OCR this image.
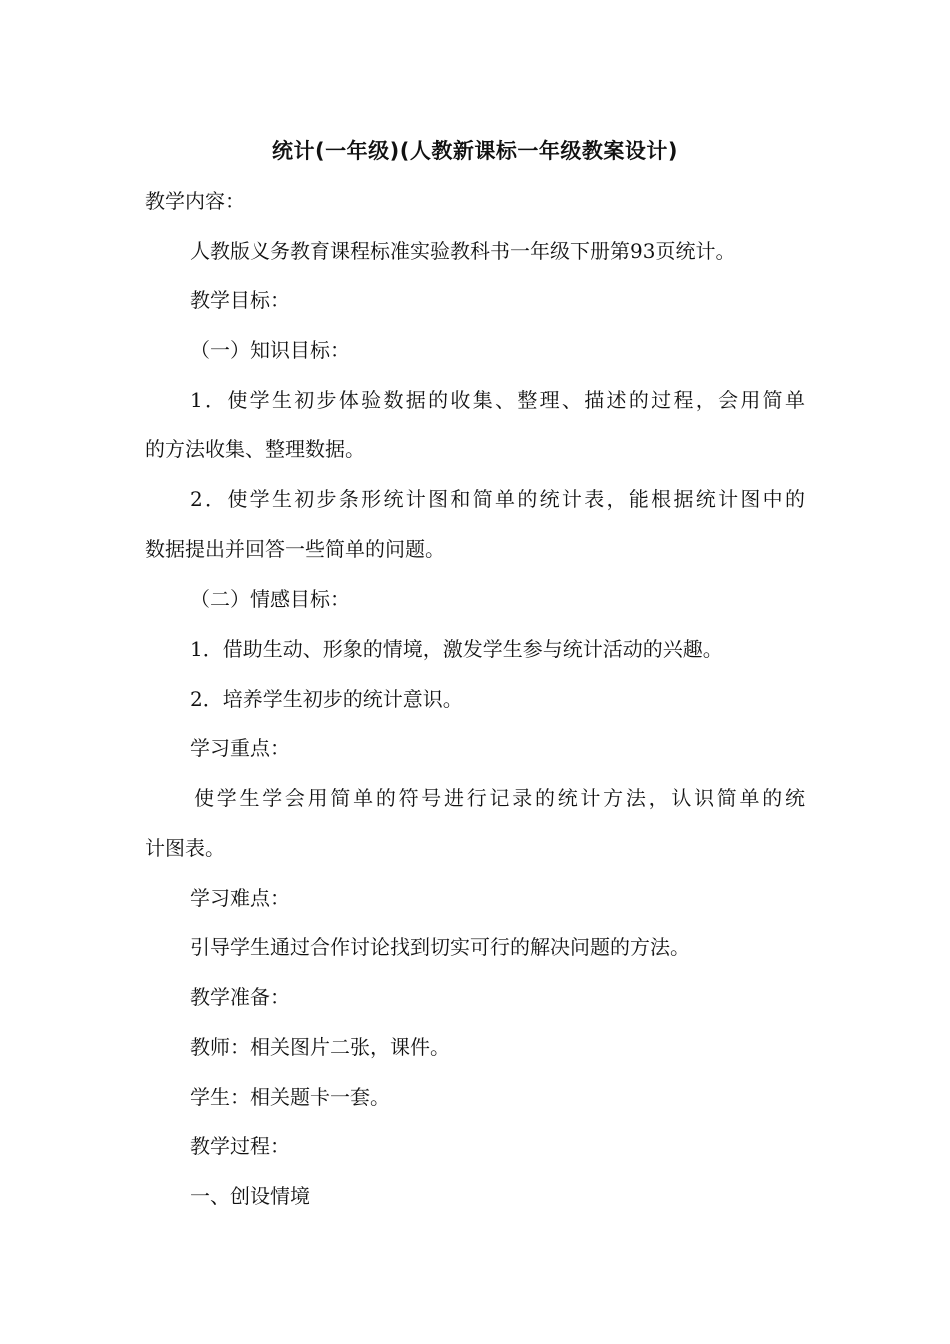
统计(一年级)(人教新课标一年级教案设计)
教学内容：
人教版义务教育课程标准实验教科书一年级下册第93页统计。
教学目标：
（一）知识目标：
1．使学生初步体验数据的收集、整理、描述的过程，会用简单
的方法收集、整理数据。
2．使学生初步条形统计图和简单的统计表，能根据统计图中的
数据提出并回答一些简单的问题。
（二）情感目标：
1．借助生动、形象的情境，激发学生参与统计活动的兴趣。
2．培养学生初步的统计意识。
学习重点：
使学生学会用简单的符号进行记录的统计方法，认识简单的统
计图表。
学习难点：
引导学生通过合作讨论找到切实可行的解决问题的方法。
教学准备：
教师：相关图片二张，课件。
学生：相关题卡一套。
教学过程：
一、创设情境
